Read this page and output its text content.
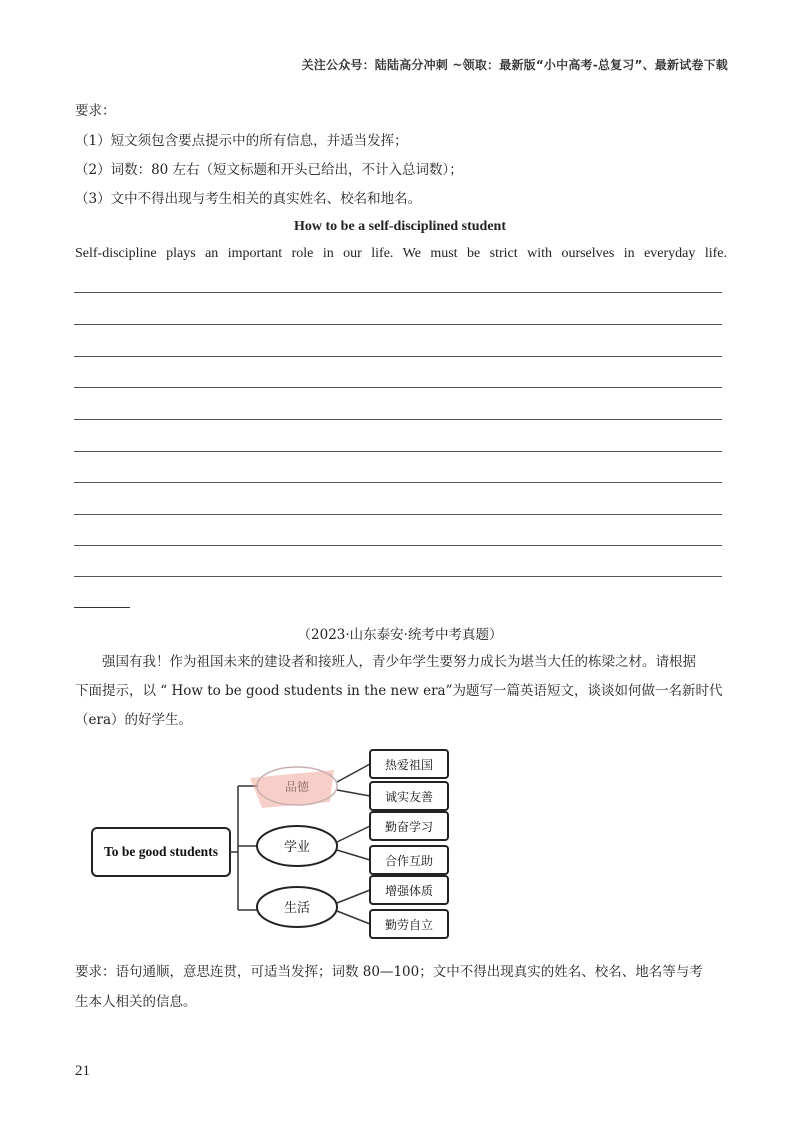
关注公众号：陆陆高分冲刺 ~领取：最新版“小中高考-总复习”、最新试卷下载
要求：
（1）短文须包含要点提示中的所有信息，并适当发挥；
（2）词数：80 左右（短文标题和开头已给出，不计入总词数）；
（3）文中不得出现与考生相关的真实姓名、校名和地名。
How to be a self-disciplined student
Self-discipline plays an important role in our life. We must be strict with ourselves in everyday life.
（2023·山东泰安·统考中考真题）
强国有我！作为祖国未来的建设者和接班人，青少年学生要努力成长为堪当大任的栋梁之材。请根据
下面提示，以 “ How to be good students in the new era”为题写一篇英语短文，谈谈如何做一名新时代
（era）的好学生。
To be good students
品德
学业
生活
热爱祖国
诚实友善
勤奋学习
合作互助
增强体质
勤劳自立
要求：语句通顺，意思连贯，可适当发挥；词数 80—100；文中不得出现真实的姓名、校名、地名等与考
生本人相关的信息。
21
